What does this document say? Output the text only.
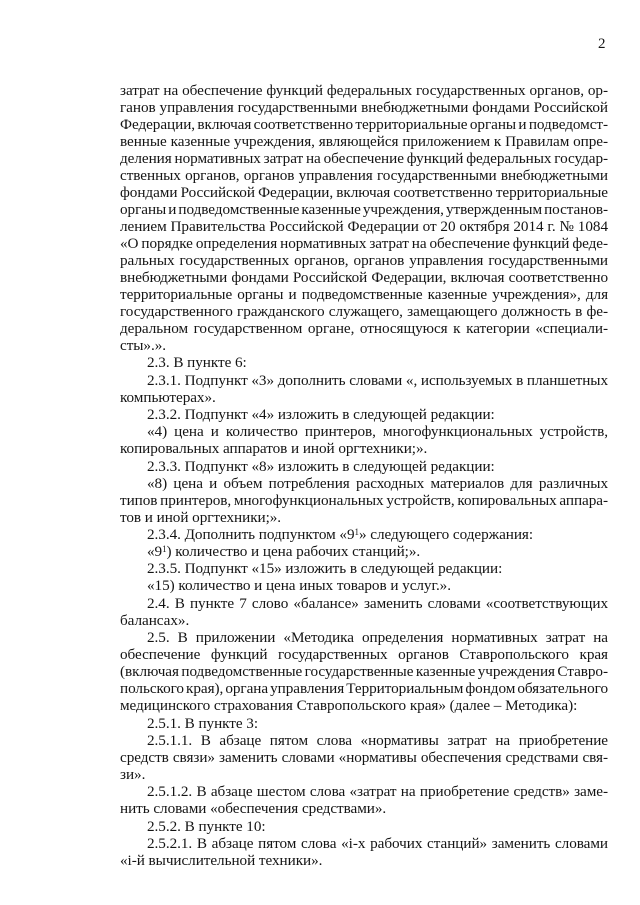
2
затрат на обеспечение функций федеральных государственных органов, ор-
ганов управления государственными внебюджетными фондами Российской
Федерации, включая соответственно территориальные органы и подведомст-
венные казенные учреждения, являющейся приложением к Правилам опре-
деления нормативных затрат на обеспечение функций федеральных государ-
ственных органов, органов управления государственными внебюджетными
фондами Российской Федерации, включая соответственно территориальные
органы и подведомственные казенные учреждения, утвержденным постанов-
лением Правительства Российской Федерации от 20 октября 2014 г. № 1084
«О порядке определения нормативных затрат на обеспечение функций феде-
ральных государственных органов, органов управления государственными
внебюджетными фондами Российской Федерации, включая соответственно
территориальные органы и подведомственные казенные учреждения», для
государственного гражданского служащего, замещающего должность в фе-
деральном государственном органе, относящуюся к категории «специали-
сты».».
2.3. В пункте 6:
2.3.1. Подпункт «3» дополнить словами «, используемых в планшетных
компьютерах».
2.3.2. Подпункт «4» изложить в следующей редакции:
«4) цена и количество принтеров, многофункциональных устройств,
копировальных аппаратов и иной оргтехники;».
2.3.3. Подпункт «8» изложить в следующей редакции:
«8) цена и объем потребления расходных материалов для различных
типов принтеров, многофункциональных устройств, копировальных аппара-
тов и иной оргтехники;».
2.3.4. Дополнить подпунктом «$9^1$» следующего содержания:
«$9^1$) количество и цена рабочих станций;».
2.3.5. Подпункт «15» изложить в следующей редакции:
«15) количество и цена иных товаров и услуг.».
2.4. В пункте 7 слово «балансе» заменить словами «соответствующих
балансах».
2.5. В приложении «Методика определения нормативных затрат на
обеспечение функций государственных органов Ставропольского края
(включая подведомственные государственные казенные учреждения Ставро-
польского края), органа управления Территориальным фондом обязательного
медицинского страхования Ставропольского края» (далее – Методика):
2.5.1. В пункте 3:
2.5.1.1. В абзаце пятом слова «нормативы затрат на приобретение
средств связи» заменить словами «нормативы обеспечения средствами свя-
зи».
2.5.1.2. В абзаце шестом слова «затрат на приобретение средств» заме-
нить словами «обеспечения средствами».
2.5.2. В пункте 10:
2.5.2.1. В абзаце пятом слова «i-х рабочих станций» заменить словами
«i-й вычислительной техники».
